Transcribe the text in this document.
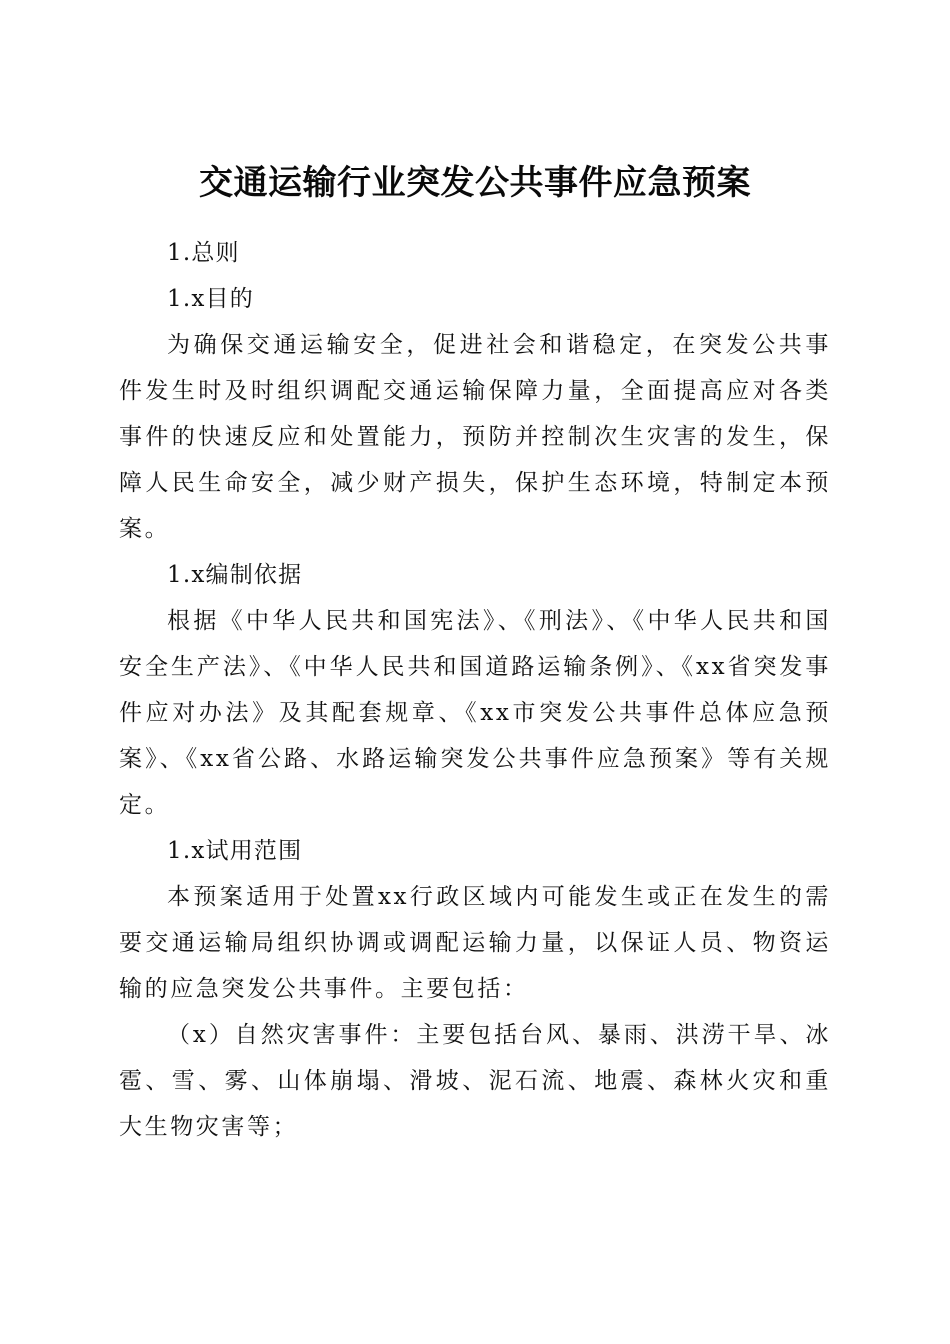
交通运输行业突发公共事件应急预案

1.总则

1.x目的

为确保交通运输安全，促进社会和谐稳定，在突发公共事件发生时及时组织调配交通运输保障力量，全面提高应对各类事件的快速反应和处置能力，预防并控制次生灾害的发生，保障人民生命安全，减少财产损失，保护生态环境，特制定本预案。

1.x编制依据

根据《中华人民共和国宪法》、《刑法》、《中华人民共和国安全生产法》、《中华人民共和国道路运输条例》、《xx省突发事件应对办法》及其配套规章、《xx市突发公共事件总体应急预案》、《xx省公路、水路运输突发公共事件应急预案》等有关规定。

1.x试用范围

本预案适用于处置xx行政区域内可能发生或正在发生的需要交通运输局组织协调或调配运输力量，以保证人员、物资运输的应急突发公共事件。主要包括：

（x）自然灾害事件：主要包括台风、暴雨、洪涝干旱、冰雹、雪、雾、山体崩塌、滑坡、泥石流、地震、森林火灾和重大生物灾害等；
